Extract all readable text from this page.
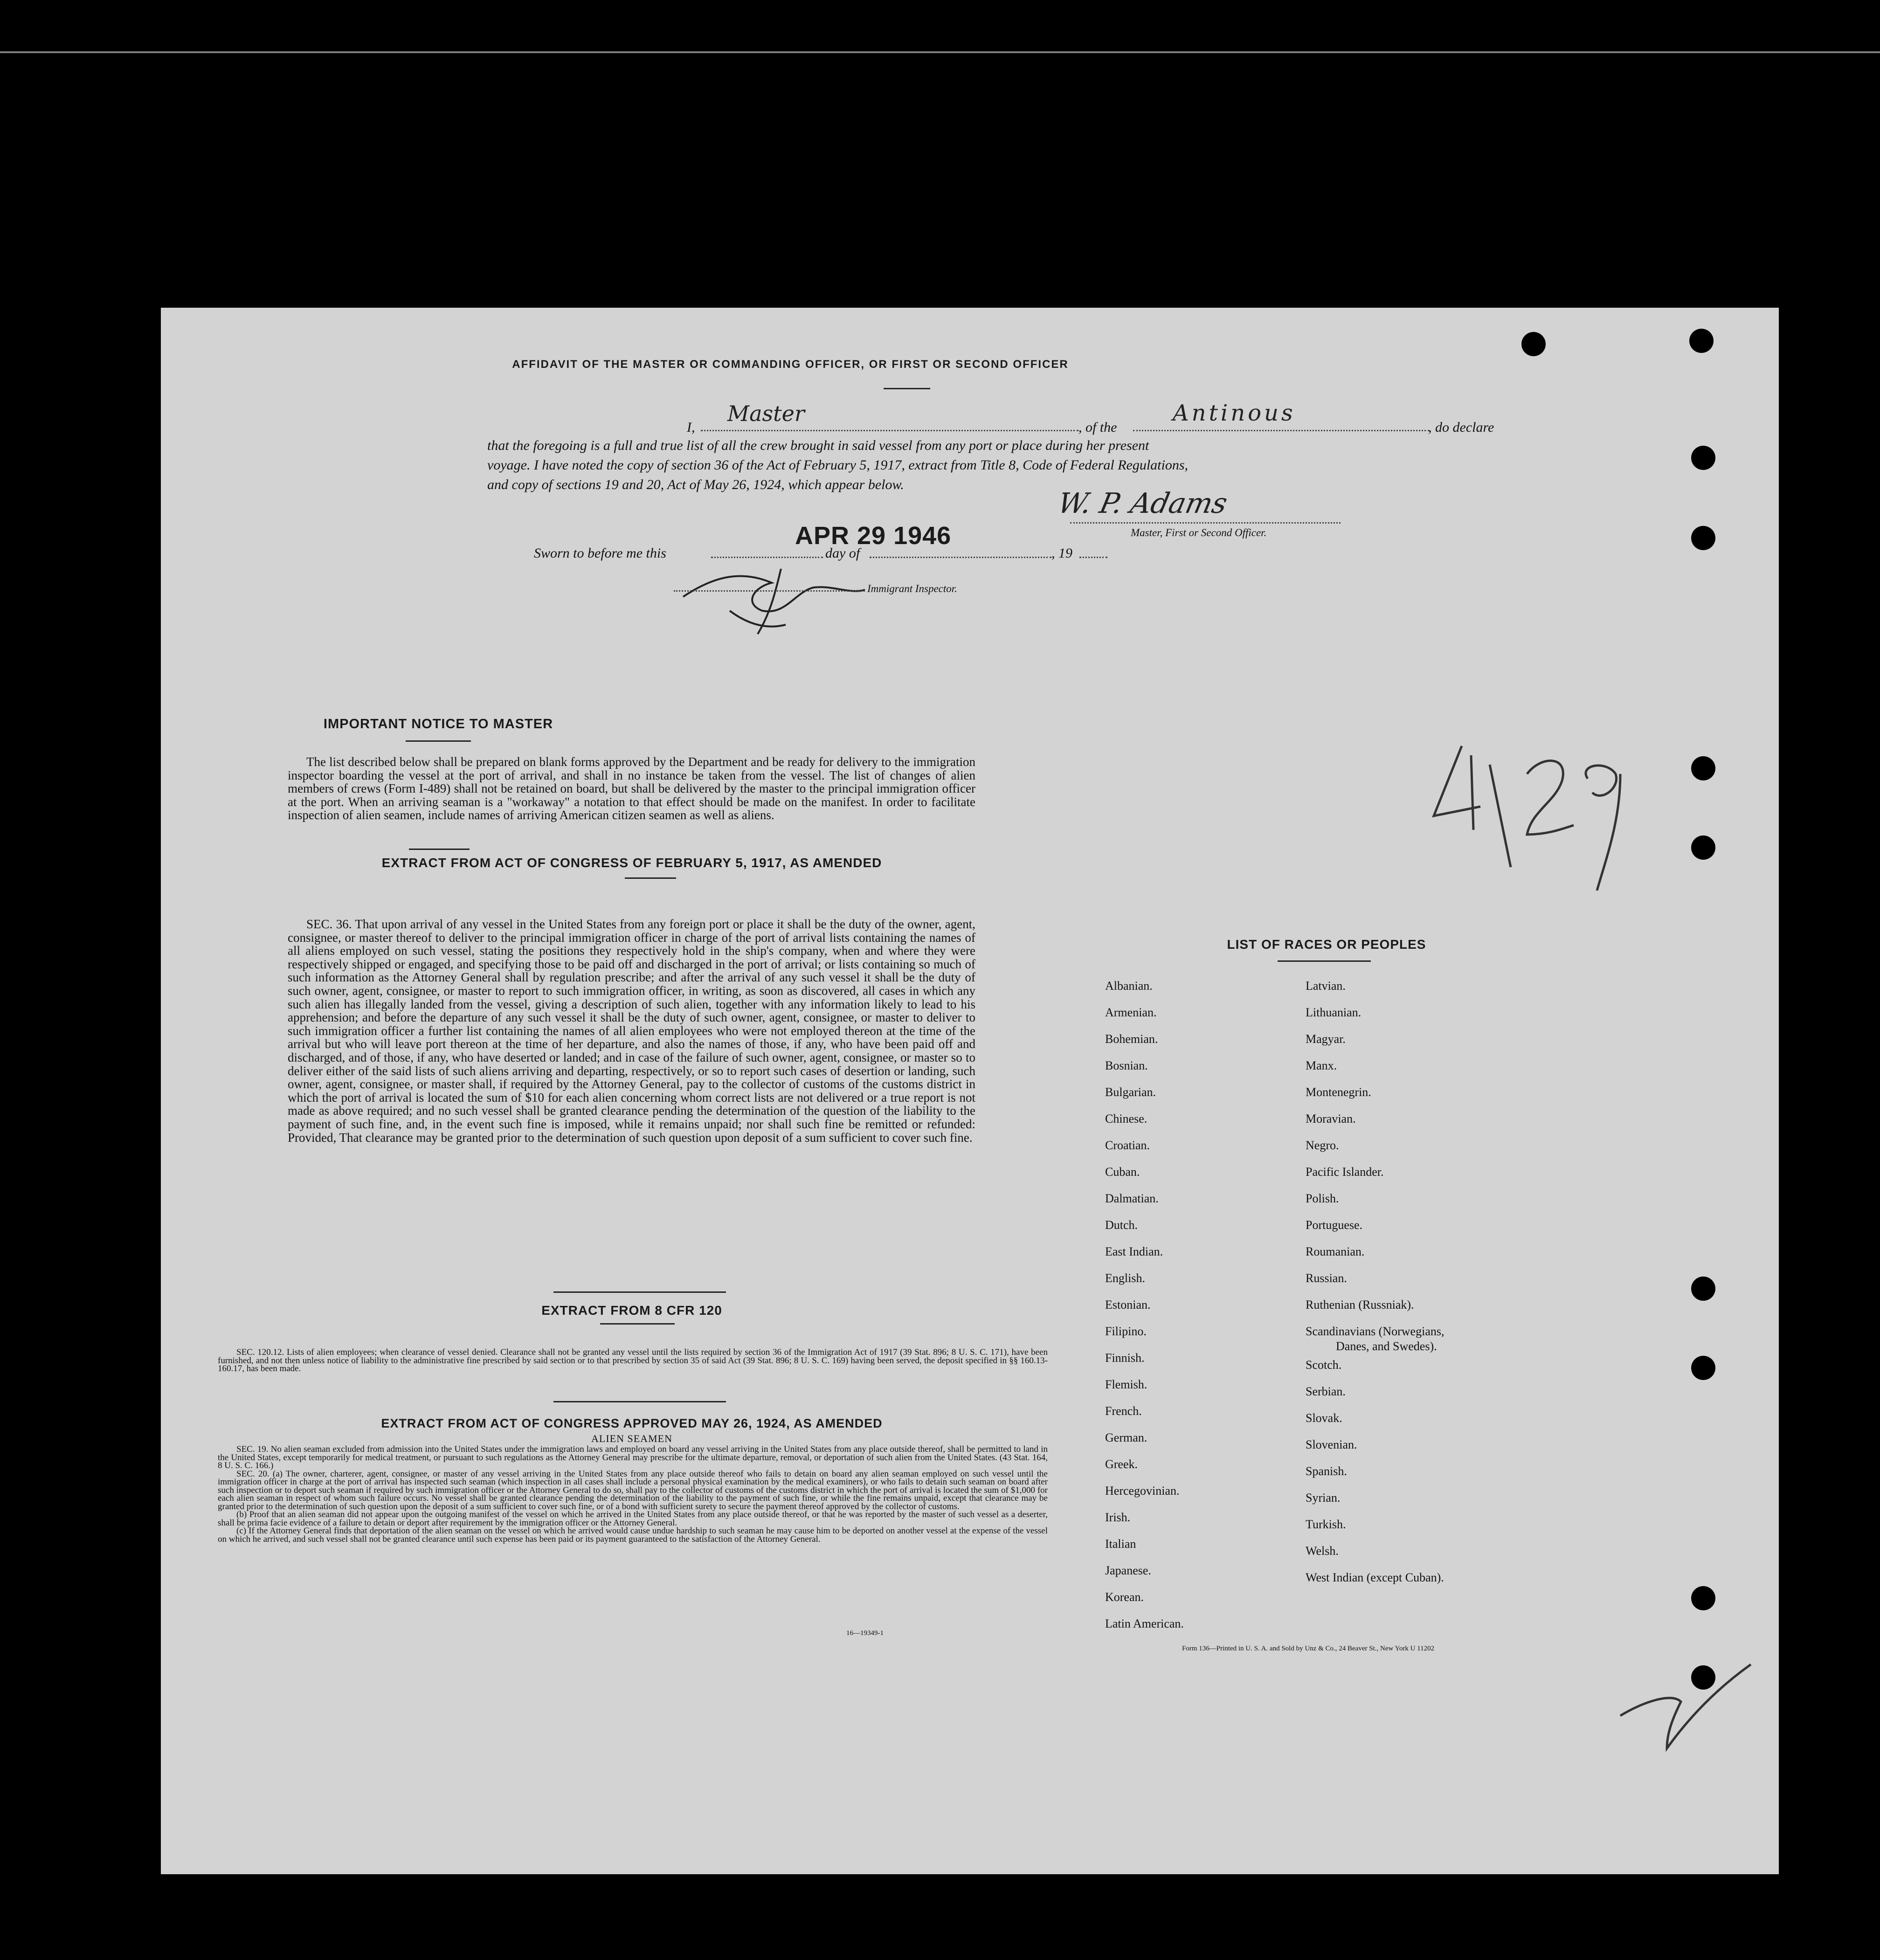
AFFIDAVIT OF THE MASTER OR COMMANDING OFFICER, OR FIRST OR SECOND OFFICER
I,
Master
, of the
Antinous
, do declare
that the foregoing is a full and true list of all the crew brought in said vessel from any port or place during her present
voyage. I have noted the copy of section 36 of the Act of February 5, 1917, extract from Title 8, Code of Federal Regulations,
and copy of sections 19 and 20, Act of May 26, 1924, which appear below.
W. P. Adams
Master, First or Second Officer.
Sworn to before me this
APR 29 1946
day of	, 19
Immigrant Inspector.
IMPORTANT NOTICE TO MASTER
The list described below shall be prepared on blank forms approved by the Department and be ready for delivery to the immigration inspector boarding the vessel at the port of arrival, and shall in no instance be taken from the vessel. The list of changes of alien members of crews (Form I-489) shall not be retained on board, but shall be delivered by the master to the principal immigration officer at the port. When an arriving seaman is a "workaway" a notation to that effect should be made on the manifest. In order to facilitate inspection of alien seamen, include names of arriving American citizen seamen as well as aliens.
EXTRACT FROM ACT OF CONGRESS OF FEBRUARY 5, 1917, AS AMENDED
SEC. 36. That upon arrival of any vessel in the United States from any foreign port or place it shall be the duty of the owner, agent, consignee, or master thereof to deliver to the principal immigration officer in charge of the port of arrival lists containing the names of all aliens employed on such vessel, stating the positions they respectively hold in the ship's company, when and where they were respectively shipped or engaged, and specifying those to be paid off and discharged in the port of arrival; or lists containing so much of such information as the Attorney General shall by regulation prescribe; and after the arrival of any such vessel it shall be the duty of such owner, agent, consignee, or master to report to such immigration officer, in writing, as soon as discovered, all cases in which any such alien has illegally landed from the vessel, giving a description of such alien, together with any information likely to lead to his apprehension; and before the departure of any such vessel it shall be the duty of such owner, agent, consignee, or master to deliver to such immigration officer a further list containing the names of all alien employees who were not employed thereon at the time of the arrival but who will leave port thereon at the time of her departure, and also the names of those, if any, who have been paid off and discharged, and of those, if any, who have deserted or landed; and in case of the failure of such owner, agent, consignee, or master so to deliver either of the said lists of such aliens arriving and departing, respectively, or so to report such cases of desertion or landing, such owner, agent, consignee, or master shall, if required by the Attorney General, pay to the collector of customs of the customs district in which the port of arrival is located the sum of $10 for each alien concerning whom correct lists are not delivered or a true report is not made as above required; and no such vessel shall be granted clearance pending the determination of the question of the liability to the payment of such fine, and, in the event such fine is imposed, while it remains unpaid; nor shall such fine be remitted or refunded: Provided, That clearance may be granted prior to the determination of such question upon deposit of a sum sufficient to cover such fine.
EXTRACT FROM 8 CFR 120
SEC. 120.12. Lists of alien employees; when clearance of vessel denied. Clearance shall not be granted any vessel until the lists required by section 36 of the Immigration Act of 1917 (39 Stat. 896; 8 U. S. C. 171), have been furnished, and not then unless notice of liability to the administrative fine prescribed by said section or to that prescribed by section 35 of said Act (39 Stat. 896; 8 U. S. C. 169) having been served, the deposit specified in §§ 160.13-160.17, has been made.
EXTRACT FROM ACT OF CONGRESS APPROVED MAY 26, 1924, AS AMENDED
ALIEN SEAMEN
SEC. 19. No alien seaman excluded from admission into the United States under the immigration laws and employed on board any vessel arriving in the United States from any place outside thereof, shall be permitted to land in the United States, except temporarily for medical treatment, or pursuant to such regulations as the Attorney General may prescribe for the ultimate departure, removal, or deportation of such alien from the United States. (43 Stat. 164, 8 U. S. C. 166.)
SEC. 20. (a) The owner, charterer, agent, consignee, or master of any vessel arriving in the United States from any place outside thereof who fails to detain on board any alien seaman employed on such vessel until the immigration officer in charge at the port of arrival has inspected such seaman (which inspection in all cases shall include a personal physical examination by the medical examiners), or who fails to detain such seaman on board after such inspection or to deport such seaman if required by such immigration officer or the Attorney General to do so, shall pay to the collector of customs of the customs district in which the port of arrival is located the sum of $1,000 for each alien seaman in respect of whom such failure occurs. No vessel shall be granted clearance pending the determination of the liability to the payment of such fine, or while the fine remains unpaid, except that clearance may be granted prior to the determination of such question upon the deposit of a sum sufficient to cover such fine, or of a bond with sufficient surety to secure the payment thereof approved by the collector of customs.
(b) Proof that an alien seaman did not appear upon the outgoing manifest of the vessel on which he arrived in the United States from any place outside thereof, or that he was reported by the master of such vessel as a deserter, shall be prima facie evidence of a failure to detain or deport after requirement by the immigration officer or the Attorney General.
(c) If the Attorney General finds that deportation of the alien seaman on the vessel on which he arrived would cause undue hardship to such seaman he may cause him to be deported on another vessel at the expense of the vessel on which he arrived, and such vessel shall not be granted clearance until such expense has been paid or its payment guaranteed to the satisfaction of the Attorney General.
16—19349-1
LIST OF RACES OR PEOPLES
Danes, and Swedes).
Form 136—Printed in U. S. A. and Sold by Unz & Co., 24 Beaver St., New York U 11202
Albanian.
Armenian.
Bohemian.
Bosnian.
Bulgarian.
Chinese.
Croatian.
Cuban.
Dalmatian.
Dutch.
East Indian.
English.
Estonian.
Filipino.
Finnish.
Flemish.
French.
German.
Greek.
Hercegovinian.
Irish.
Italian
Japanese.
Korean.
Latin American.
Latvian.
Lithuanian.
Magyar.
Manx.
Montenegrin.
Moravian.
Negro.
Pacific Islander.
Polish.
Portuguese.
Roumanian.
Russian.
Ruthenian (Russniak).
Scandinavians (Norwegians,
Scotch.
Serbian.
Slovak.
Slovenian.
Spanish.
Syrian.
Turkish.
Welsh.
West Indian (except Cuban).
